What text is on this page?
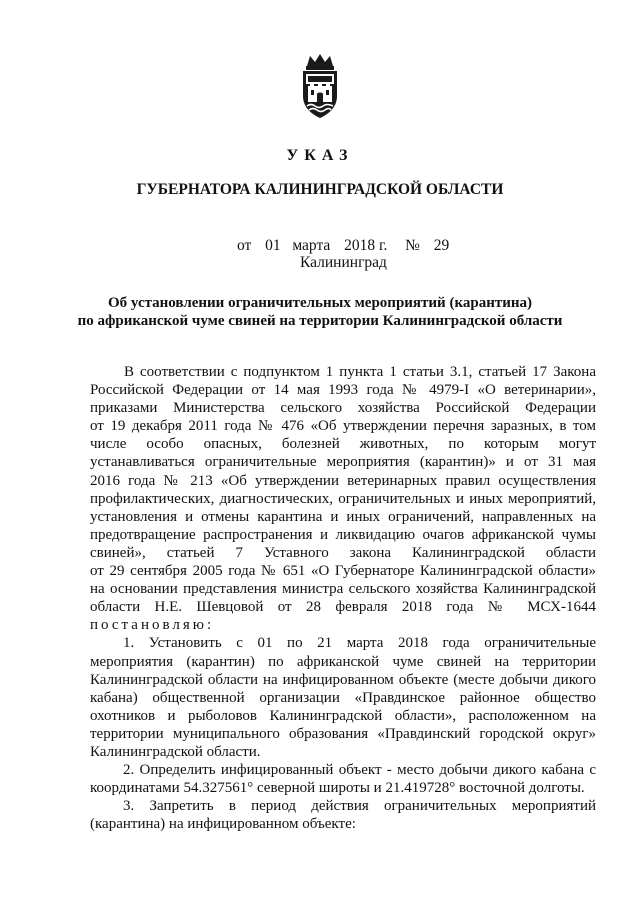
УКАЗ
ГУБЕРНАТОРА КАЛИНИНГРАДСКОЙ ОБЛАСТИ
от 01 марта 2018 г. № 29
Калининград
Об установлении ограничительных мероприятий (карантина)
по африканской чуме свиней на территории Калининградской области
В соответствии с подпунктом 1 пункта 1 статьи 3.1, статьей 17 Закона
Российской Федерации от 14 мая 1993 года № 4979-I «О ветеринарии»,
приказами Министерства сельского хозяйства Российской Федерации
от 19 декабря 2011 года № 476 «Об утверждении перечня заразных, в том
числе особо опасных, болезней животных, по которым могут
устанавливаться ограничительные мероприятия (карантин)» и от 31 мая
2016 года № 213 «Об утверждении ветеринарных правил осуществления
профилактических, диагностических, ограничительных и иных мероприятий,
установления и отмены карантина и иных ограничений, направленных на
предотвращение распространения и ликвидацию очагов африканской чумы
свиней», статьей 7 Уставного закона Калининградской области
от 29 сентября 2005 года № 651 «О Губернаторе Калининградской области»
на основании представления министра сельского хозяйства Калининградской
области Н.Е. Шевцовой от 28 февраля 2018 года № МСХ-1644
постановляю:
1. Установить с 01 по 21 марта 2018 года ограничительные
мероприятия (карантин) по африканской чуме свиней на территории
Калининградской области на инфицированном объекте (месте добычи дикого
кабана) общественной организации «Правдинское районное общество
охотников и рыболовов Калининградской области», расположенном на
территории муниципального образования «Правдинский городской округ»
Калининградской области.
2. Определить инфицированный объект - место добычи дикого кабана с
координатами 54.327561° северной широты и 21.419728° восточной долготы.
3. Запретить в период действия ограничительных мероприятий
(карантина) на инфицированном объекте:
